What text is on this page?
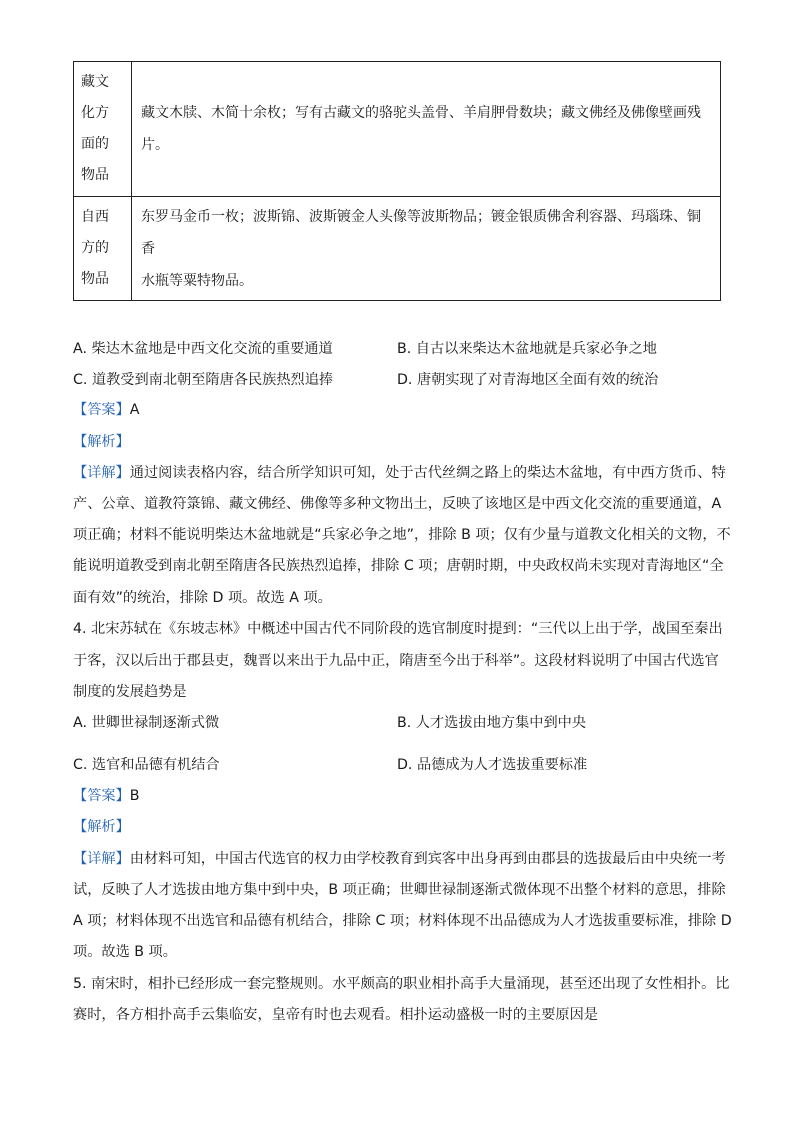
藏文
化方
面的
物品	藏文木牍、木简十余枚；写有古藏文的骆驼头盖骨、羊肩胛骨数块；藏文佛经及佛像壁画残
片。

自西
方的
物品	东罗马金币一枚；波斯锦、波斯镀金人头像等波斯物品；镀金银质佛舍利容器、玛瑙珠、铜香
水瓶等粟特物品。
A. 柴达木盆地是中西文化交流的重要通道	B. 自古以来柴达木盆地就是兵家必争之地
C. 道教受到南北朝至隋唐各民族热烈追捧	D. 唐朝实现了对青海地区全面有效的统治
【答案】A
【解析】
【详解】通过阅读表格内容，结合所学知识可知，处于古代丝绸之路上的柴达木盆地，有中西方货币、特
产、公章、道教符箓锦、藏文佛经、佛像等多种文物出土，反映了该地区是中西文化交流的重要通道，A
项正确；材料不能说明柴达木盆地就是“兵家必争之地”，排除 B 项；仅有少量与道教文化相关的文物，不
能说明道教受到南北朝至隋唐各民族热烈追捧，排除 C 项；唐朝时期，中央政权尚未实现对青海地区“全
面有效”的统治，排除 D 项。故选 A 项。
4. 北宋苏轼在《东坡志林》中概述中国古代不同阶段的选官制度时提到：“三代以上出于学，战国至秦出
于客，汉以后出于郡县吏，魏晋以来出于九品中正，隋唐至今出于科举”。这段材料说明了中国古代选官
制度的发展趋势是
A. 世卿世禄制逐渐式微	B. 人才选拔由地方集中到中央
C. 选官和品德有机结合	D. 品德成为人才选拔重要标准
【答案】B
【解析】
【详解】由材料可知，中国古代选官的权力由学校教育到宾客中出身再到由郡县的选拔最后由中央统一考
试，反映了人才选拔由地方集中到中央，B 项正确；世卿世禄制逐渐式微体现不出整个材料的意思，排除
A 项；材料体现不出选官和品德有机结合，排除 C 项；材料体现不出品德成为人才选拔重要标准，排除 D
项。故选 B 项。
5. 南宋时，相扑已经形成一套完整规则。水平颇高的职业相扑高手大量涌现，甚至还出现了女性相扑。比
赛时，各方相扑高手云集临安，皇帝有时也去观看。相扑运动盛极一时的主要原因是
